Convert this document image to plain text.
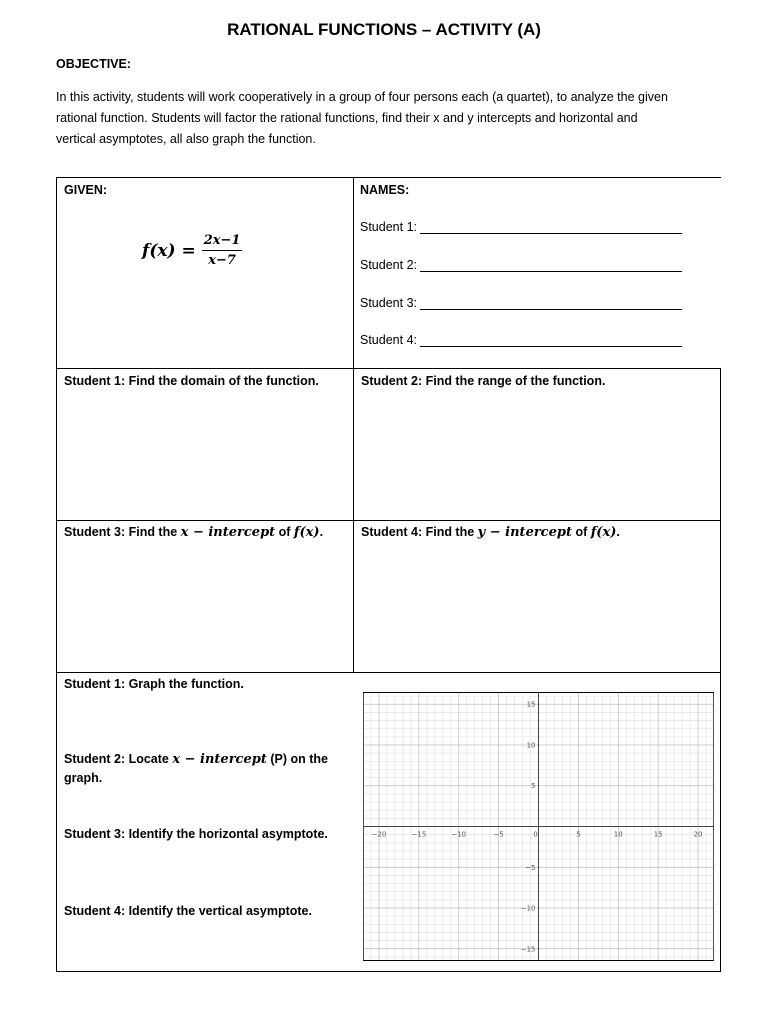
RATIONAL FUNCTIONS – ACTIVITY (A)
OBJECTIVE:
In this activity, students will work cooperatively in a group of four persons each (a quartet), to analyze the given rational function. Students will factor the rational functions, find their x and y intercepts and horizontal and vertical asymptotes, all also graph the function.
GIVEN:
$f(x) = \frac{2x-1}{x-7}$
NAMES:
Student 1:
Student 2:
Student 3:
Student 4:
Student 1: Find the domain of the function.	Student 2: Find the range of the function.
Student 3: Find the x − intercept of f(x).	Student 4: Find the y − intercept of f(x).
Student 1: Graph the function.
Student 2: Locate x − intercept (P) on the graph.
Student 3: Identify the horizontal asymptote.
Student 4: Identify the vertical asymptote.
−20	−15	−10	−5	0	5	10	15	20
15
10
5
−5
−10
−15
